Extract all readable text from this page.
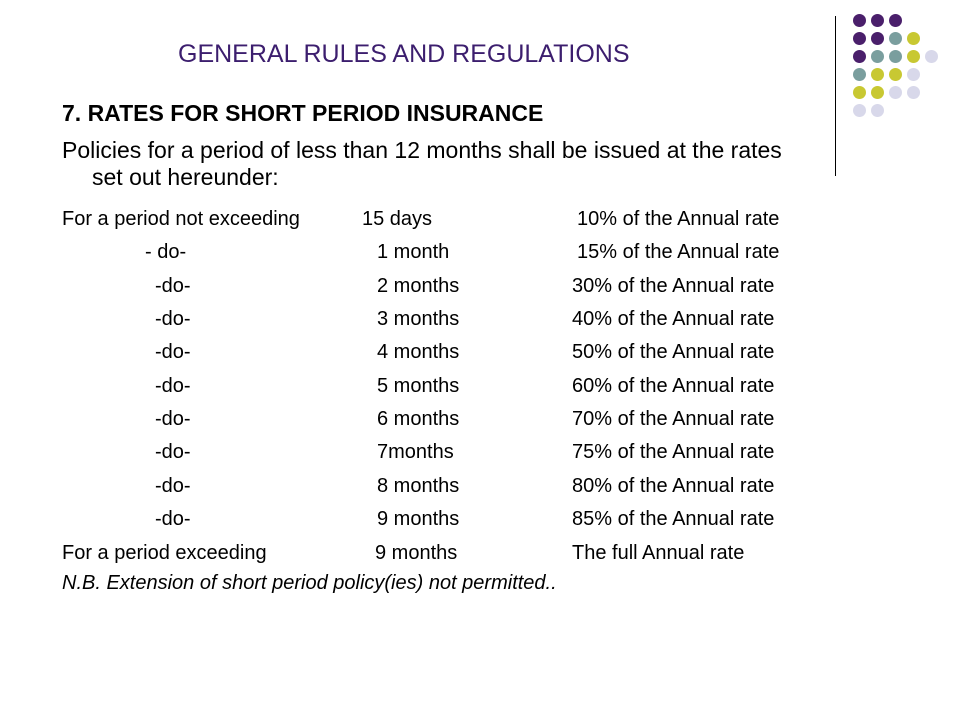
GENERAL RULES AND REGULATIONS
7. RATES FOR SHORT PERIOD INSURANCE
Policies for a period of less than 12 months shall be issued at the rates
set out hereunder:
For a period not exceeding	15 days	10% of the Annual rate
- do-	1 month	15% of the Annual rate
-do-	2 months	30% of the Annual rate
-do-	3 months	40% of the Annual rate
-do-	4 months	50% of the Annual rate
-do-	5 months	60% of the Annual rate
-do-	6 months	70% of the Annual rate
-do-	7months	75% of the Annual rate
-do-	8 months	80% of the Annual rate
-do-	9 months	85% of the Annual rate
For a period exceeding	9 months	The full Annual rate
N.B. Extension of short period policy(ies) not permitted..
